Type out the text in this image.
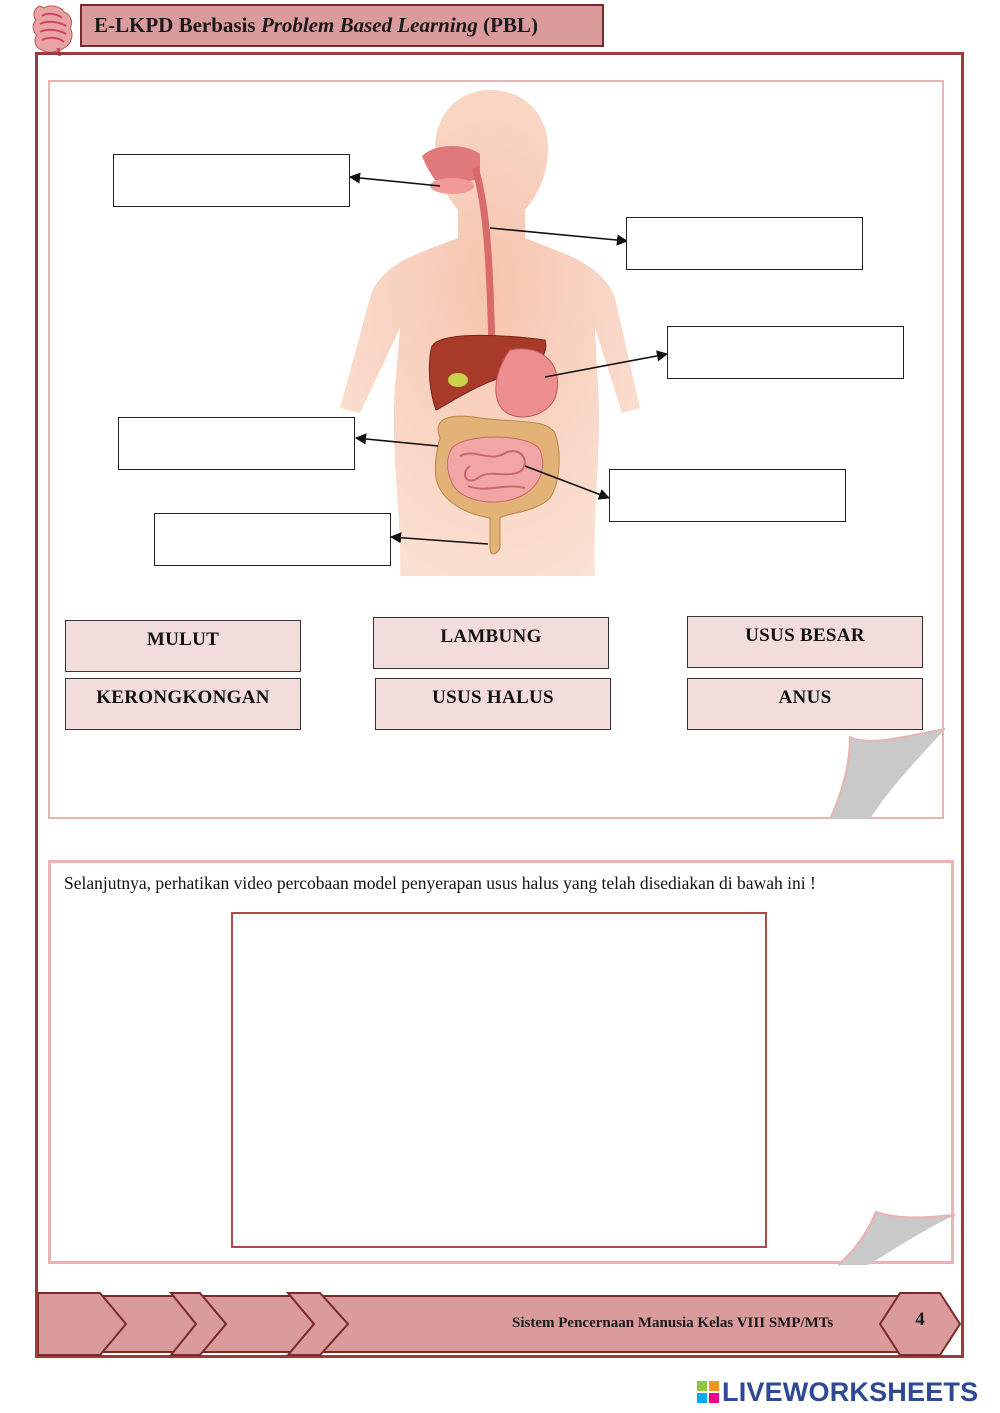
E-LKPD Berbasis Problem Based Learning (PBL)
MULUT	LAMBUNG	USUS BESAR
KERONGKONGAN	USUS HALUS	ANUS
Selanjutnya, perhatikan video percobaan model penyerapan usus halus yang telah disediakan di bawah ini !
Sistem Pencernaan Manusia Kelas VIII SMP/MTs	4
LIVEWORKSHEETS
